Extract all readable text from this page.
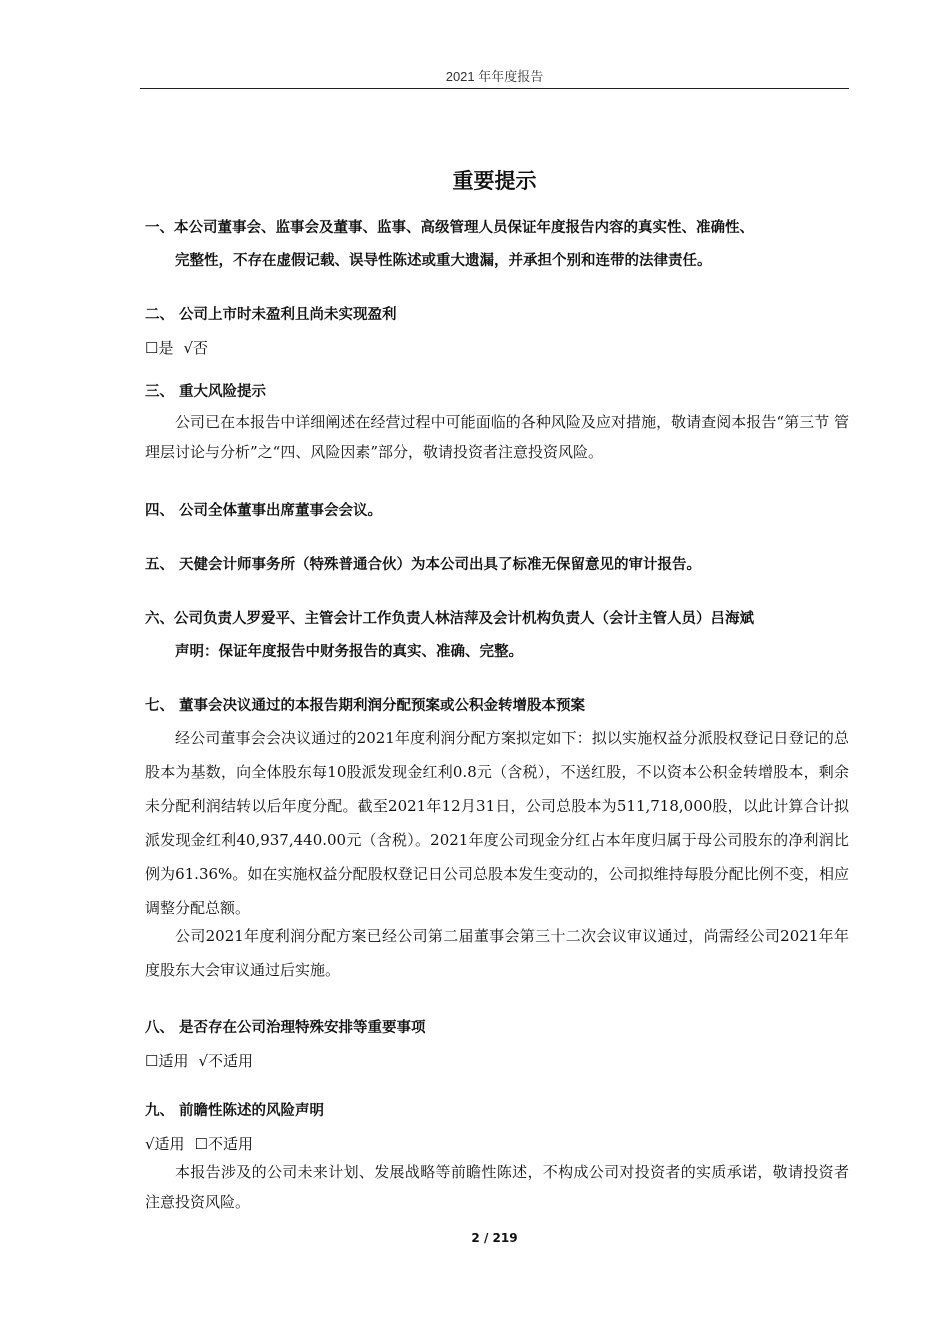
2021 年年度报告
重要提示
一、本公司董事会、监事会及董事、监事、高级管理人员保证年度报告内容的真实性、准确性、
完整性，不存在虚假记载、误导性陈述或重大遗漏，并承担个别和连带的法律责任。
二、 公司上市时未盈利且尚未实现盈利
☐是 √否
三、 重大风险提示
公司已在本报告中详细阐述在经营过程中可能面临的各种风险及应对措施，敬请查阅本报告“第三节 管理层讨论与分析”之“四、风险因素”部分，敬请投资者注意投资风险。
四、 公司全体董事出席董事会会议。
五、 天健会计师事务所（特殊普通合伙）为本公司出具了标准无保留意见的审计报告。
六、公司负责人罗爱平、主管会计工作负责人林洁萍及会计机构负责人（会计主管人员）吕海斌
声明：保证年度报告中财务报告的真实、准确、完整。
七、 董事会决议通过的本报告期利润分配预案或公积金转增股本预案
经公司董事会会决议通过的2021年度利润分配方案拟定如下：拟以实施权益分派股权登记日登记的总股本为基数，向全体股东每10股派发现金红利0.8元（含税），不送红股，不以资本公积金转增股本，剩余未分配利润结转以后年度分配。截至2021年12月31日，公司总股本为511,718,000股，以此计算合计拟派发现金红利40,937,440.00元（含税）。2021年度公司现金分红占本年度归属于母公司股东的净利润比例为61.36%。如在实施权益分配股权登记日公司总股本发生变动的，公司拟维持每股分配比例不变，相应调整分配总额。
公司2021年度利润分配方案已经公司第二届董事会第三十二次会议审议通过，尚需经公司2021年年度股东大会审议通过后实施。
八、 是否存在公司治理特殊安排等重要事项
☐适用 √不适用
九、 前瞻性陈述的风险声明
√适用 ☐不适用
本报告涉及的公司未来计划、发展战略等前瞻性陈述，不构成公司对投资者的实质承诺，敬请投资者注意投资风险。
2 / 219
